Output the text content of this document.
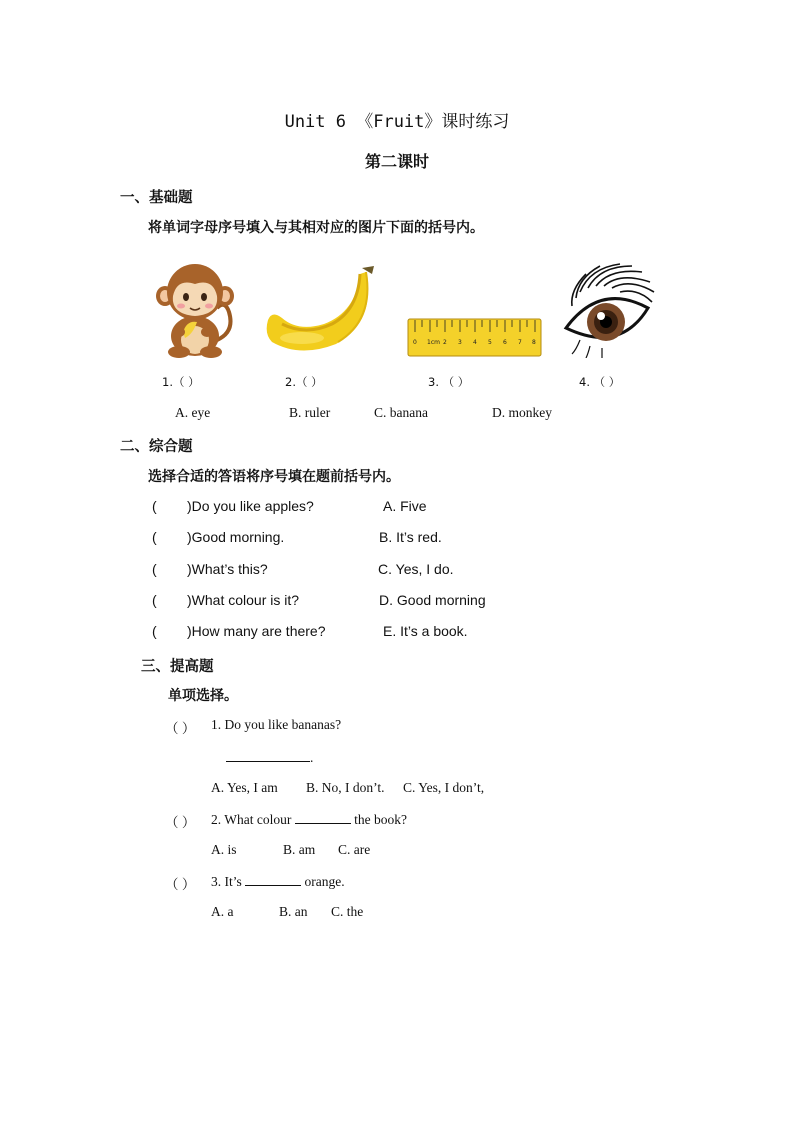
Unit 6 《Fruit》课时练习
第二课时
一、基础题
将单词字母序号填入与其相对应的图片下面的括号内。
0 1cm 2 3 4 5 6 7 8
1.（ ）	2.（ ）	3. （ ）	4. （ ）
A. eye	B. ruler	C. banana	D. monkey
二、综合题
选择合适的答语将序号填在题前括号内。
( )Do you like apples?	A. Five
( )Good morning.	B. It’s red.
( )What’s this?	C. Yes, I do.
( )What colour is it?	D. Good morning
( )How many are there?	E. It’s a book.
三、提高题
单项选择。
（ ） 1. Do you like bananas?
.
A. Yes, I am B. No, I don’t. C. Yes, I don’t,
（ ） 2. What colour	the book?
A. is	B. am C. are
（ ） 3. It’s	orange.
A. a	B. an C. the
